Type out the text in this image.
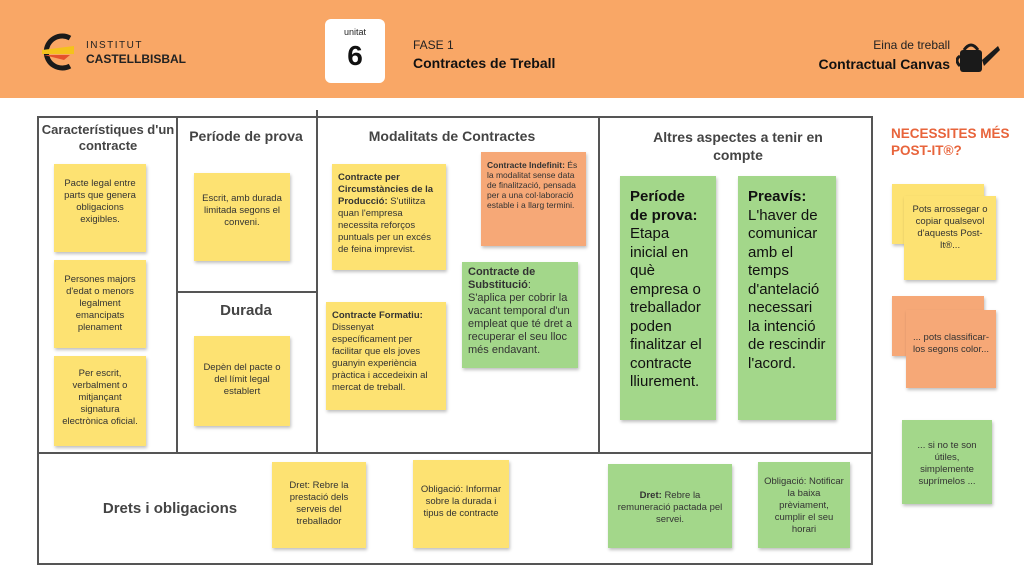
INSTITUT
CASTELLBISBAL
unitat
6	FASE 1
Contractes de Treball
Eina de treball
Contractual Canvas
Característiques d'un contracte
Període de prova
Durada
Modalitats de Contractes	Altres aspectes a tenir en compte
Drets i obligacions
Pacte legal entre parts que genera obligacions exigibles.
Persones majors d'edat o menors legalment emancipats plenament
Per escrit, verbalment o mitjançant signatura electrònica oficial.
Escrit, amb durada limitada segons el conveni.
Depèn del pacte o del límit legal establert
Contracte per Circumstàncies de la Producció: S'utilitza quan l'empresa necessita reforços puntuals per un excés de feina imprevist.
Contracte Indefinit: És la modalitat sense data de finalització, pensada per a una col·laboració estable i a llarg termini.
Contracte de Substitució: S'aplica per cobrir la vacant temporal d'un empleat que té dret a recuperar el seu lloc més endavant.
Contracte Formatiu: Dissenyat específicament per facilitar que els joves guanyin experiència pràctica i accedeixin al mercat de treball.
Període de prova: Etapa inicial en què empresa o treballador poden finalitzar el contracte lliurement.
Preavís: L'haver de comunicar amb el temps d'antelació necessari la intenció de rescindir l'acord.
Dret: Rebre la prestació dels serveis del treballador
Obligació: Informar sobre la durada i tipus de contracte
Dret: Rebre la remuneració pactada pel servei.
Obligació: Notificar la baixa prèviament, cumplir el seu horari
NECESSITES MÉS POST-IT®?
Pots arrossegar o copiar qualsevol d'aquests Post-It®...
... pots classificar-los segons color...
... si no te son útiles, simplemente suprímelos ...
